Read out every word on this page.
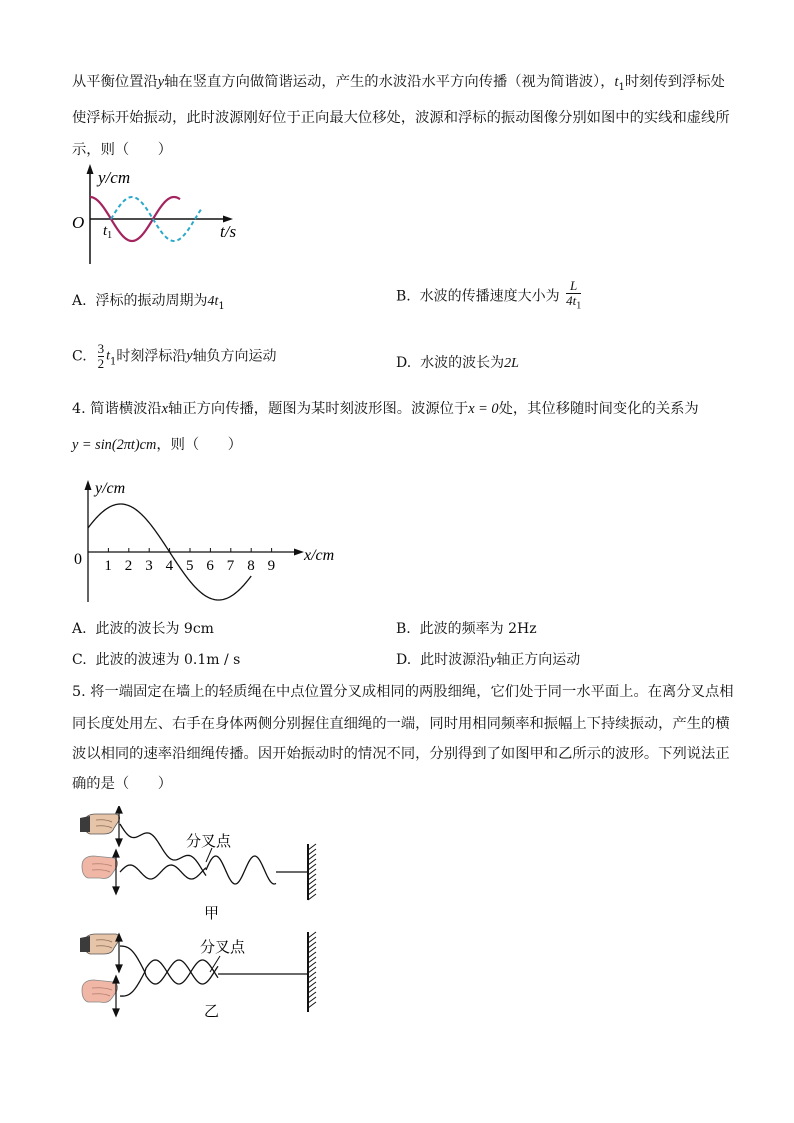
从平衡位置沿y轴在竖直方向做简谐运动，产生的水波沿水平方向传播（视为简谐波），$t_1$时刻传到浮标处
使浮标开始振动，此时波源刚好位于正向最大位移处，波源和浮标的振动图像分别如图中的实线和虚线所
示，则（　　）
y/cm
O $t_1$	t/s
A. 浮标的振动周期为$4t_1$
B. 水波的传播速度大小为 $\frac{L}{4t_1}$
C. $\frac{3}{2} t_1$时刻浮标沿y轴负方向运动	D. 水波的波长为2L
4. 简谐横波沿x轴正方向传播，题图为某时刻波形图。波源位于x = 0处，其位移随时间变化的关系为
y = sin(2πt)cm，则（　　）
1 2 3 4 5 6 7 8 9
y/cm
0	x/cm
A. 此波的波长为 9cm	B. 此波的频率为 2Hz
C. 此波的波速为 0.1m / s	D. 此时波源沿y轴正方向运动
5. 将一端固定在墙上的轻质绳在中点位置分叉成相同的两股细绳，它们处于同一水平面上。在离分叉点相
同长度处用左、右手在身体两侧分别握住直细绳的一端，同时用相同频率和振幅上下持续振动，产生的横
波以相同的速率沿细绳传播。因开始振动时的情况不同，分别得到了如图甲和乙所示的波形。下列说法正
确的是（　　）
分叉点
甲
分叉点
乙
